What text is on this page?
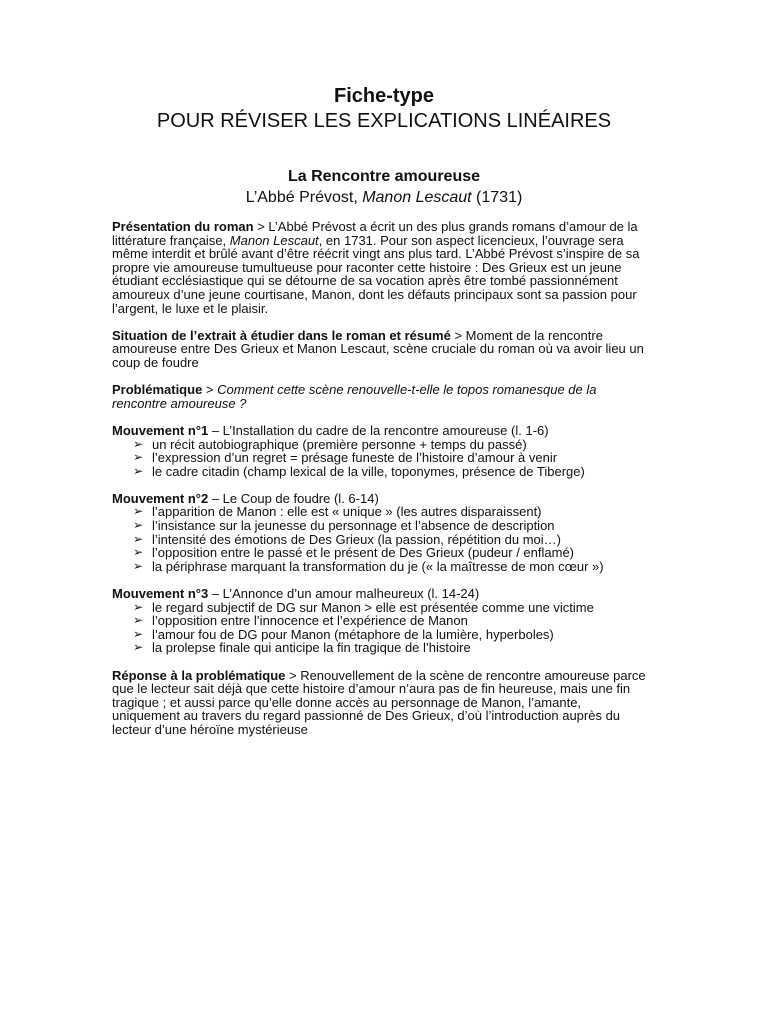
Fiche-type

POUR RÉVISER LES EXPLICATIONS LINÉAIRES

La Rencontre amoureuse

L’Abbé Prévost, Manon Lescaut (1731)

Présentation du roman > L’Abbé Prévost a écrit un des plus grands romans d’amour de la littérature française, Manon Lescaut, en 1731. Pour son aspect licencieux, l’ouvrage sera même interdit et brûlé avant d’être réécrit vingt ans plus tard. L’Abbé Prévost s’inspire de sa propre vie amoureuse tumultueuse pour raconter cette histoire : Des Grieux est un jeune étudiant ecclésiastique qui se détourne de sa vocation après être tombé passionnément amoureux d’une jeune courtisane, Manon, dont les défauts principaux sont sa passion pour l’argent, le luxe et le plaisir.

Situation de l’extrait à étudier dans le roman et résumé > Moment de la rencontre amoureuse entre Des Grieux et Manon Lescaut, scène cruciale du roman où va avoir lieu un coup de foudre

Problématique > Comment cette scène renouvelle-t-elle le topos romanesque de la rencontre amoureuse ?

Mouvement n°1 – L’Installation du cadre de la rencontre amoureuse (l. 1-6)
➢ un récit autobiographique (première personne + temps du passé)
➢ l’expression d’un regret = présage funeste de l’histoire d’amour à venir
➢ le cadre citadin (champ lexical de la ville, toponymes, présence de Tiberge)
Mouvement n°2 – Le Coup de foudre (l. 6-14)
➢ l’apparition de Manon : elle est « unique » (les autres disparaissent)
➢ l’insistance sur la jeunesse du personnage et l’absence de description
➢ l’intensité des émotions de Des Grieux (la passion, répétition du moi…)
➢ l’opposition entre le passé et le présent de Des Grieux (pudeur / enflamé)
➢ la périphrase marquant la transformation du je (« la maîtresse de mon cœur »)
Mouvement n°3 – L’Annonce d’un amour malheureux (l. 14-24)
➢ le regard subjectif de DG sur Manon > elle est présentée comme une victime
➢ l’opposition entre l’innocence et l’expérience de Manon
➢ l’amour fou de DG pour Manon (métaphore de la lumière, hyperboles)
➢ la prolepse finale qui anticipe la fin tragique de l’histoire

Réponse à la problématique > Renouvellement de la scène de rencontre amoureuse parce que le lecteur sait déjà que cette histoire d’amour n’aura pas de fin heureuse, mais une fin tragique ; et aussi parce qu’elle donne accès au personnage de Manon, l’amante, uniquement au travers du regard passionné de Des Grieux, d’où l’introduction auprès du lecteur d’une héroïne mystérieuse
